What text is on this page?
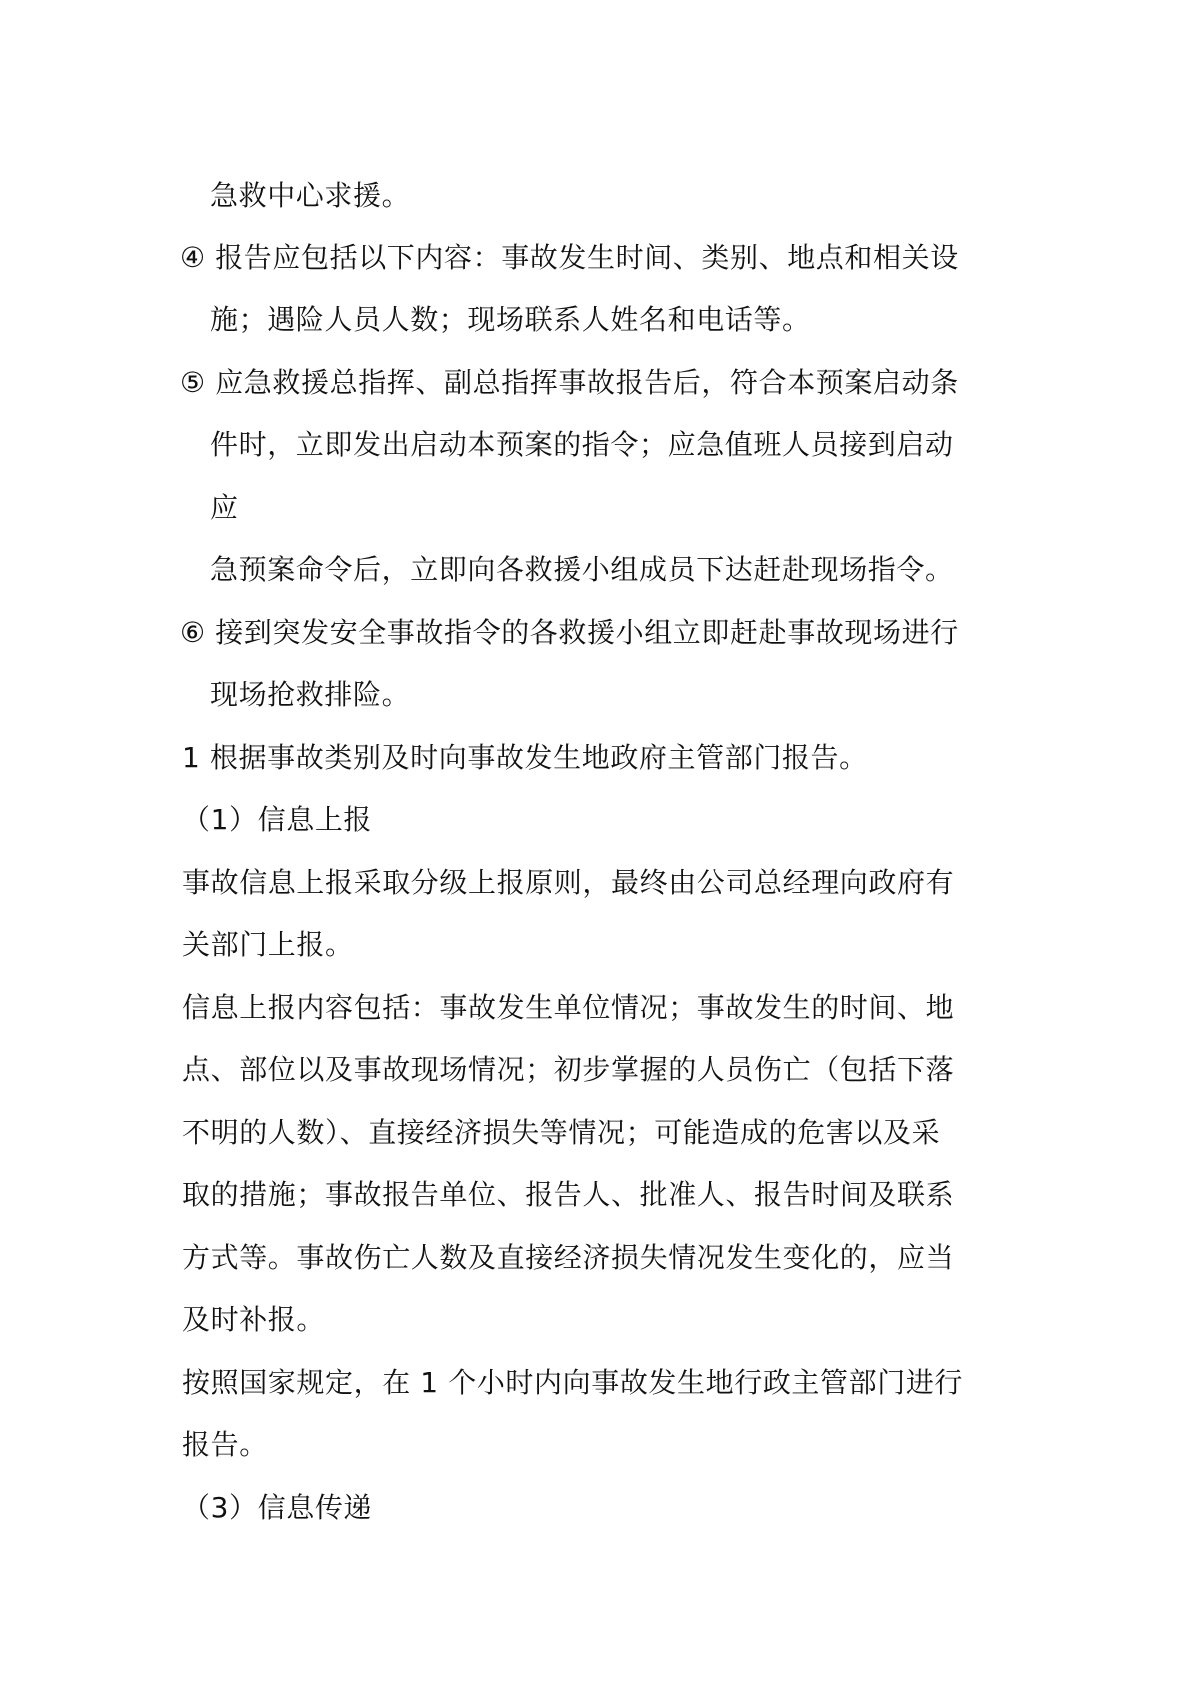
急救中心求援。
④ 报告应包括以下内容：事故发生时间、类别、地点和相关设
施；遇险人员人数；现场联系人姓名和电话等。
⑤ 应急救援总指挥、副总指挥事故报告后，符合本预案启动条
件时，立即发出启动本预案的指令；应急值班人员接到启动
应
急预案命令后，立即向各救援小组成员下达赶赴现场指令。
⑥ 接到突发安全事故指令的各救援小组立即赶赴事故现场进行
现场抢救排险。
1 根据事故类别及时向事故发生地政府主管部门报告。
（1）信息上报
事故信息上报采取分级上报原则，最终由公司总经理向政府有
关部门上报。
信息上报内容包括：事故发生单位情况；事故发生的时间、地
点、部位以及事故现场情况；初步掌握的人员伤亡（包括下落
不明的人数）、直接经济损失等情况；可能造成的危害以及采
取的措施；事故报告单位、报告人、批准人、报告时间及联系
方式等。事故伤亡人数及直接经济损失情况发生变化的，应当
及时补报。
按照国家规定，在 1 个小时内向事故发生地行政主管部门进行
报告。
（3）信息传递
